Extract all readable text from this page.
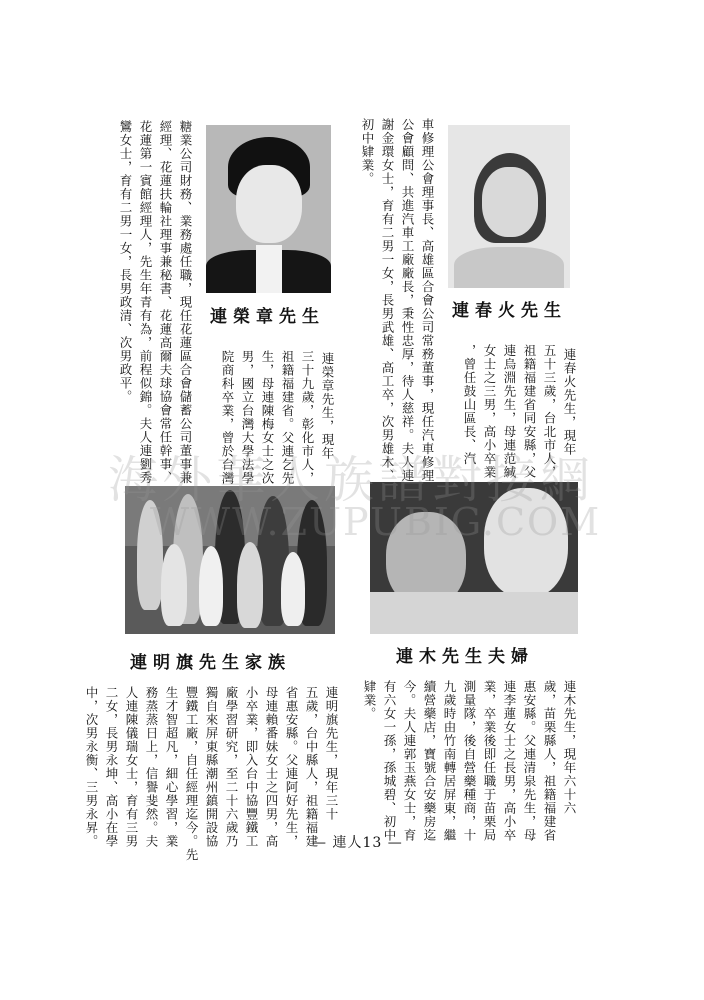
連春火先生
連榮章先生
連木先生夫婦
連明旗先生家族
連春火先生，現年
五十三歲，台北市人，
祖籍福建省同安縣，父
連烏淵先生，母連范緘
女士之三男，高小卒業
，曾任鼓山區長、汽
車修理公會理事長、高雄區合會公司常務董事，現任汽車修理
公會顧問、共進汽車工廠廠長，秉性忠厚，待人慈祥。夫人連
謝金環女士，育有二男一女，長男武雄、高工卒，次男雄木、
初中肄業。
連榮章先生，現年
三十九歲，彰化市人，
祖籍福建省。父連乞先
生，母連陳梅女士之次
男，國立台灣大學法學
院商科卒業，曾於台灣
糖業公司財務、業務處任職，現任花蓮區合會儲蓄公司董事兼
經理、花蓮扶輪社理事兼秘書、花蓮高爾夫球協會常任幹事、
花蓮第一賓館經理人，先生年青有為，前程似錦。夫人連劉秀
鸞女士，育有二男一女，長男政清、次男政平。
連木先生，現年六十六
歲，苗栗縣人，祖籍福建省
惠安縣。父連清泉先生，母
連李蓮女士之長男，高小卒
業，卒業後即任職于苗栗局
測量隊，後自營藥種商，十
九歲時由竹南轉居屏東，繼
續營藥店，寶號合安藥房迄
今。夫人連郭玉燕女士，育
有六女一孫，孫城碧、初中
肄業。
連明旗先生，現年三十
五歲，台中縣人，祖籍福建
省惠安縣。父連阿好先生，
母連賴番妹女士之四男，高
小卒業，即入台中協豐鐵工
廠學習研究，至二十六歲乃
獨自來屏東縣潮州鎮開設協
豐鐵工廠，自任經理迄今。先
生才智超凡，細心學習，業
務蒸蒸日上，信譽斐然。夫
人連陳儀瑞女士，育有三男
二女，長男永坤、高小在學
中，次男永衡、三男永昇。
海外華人族譜對接網
WWW.ZUPUBIG.COM
— 連人13 —
